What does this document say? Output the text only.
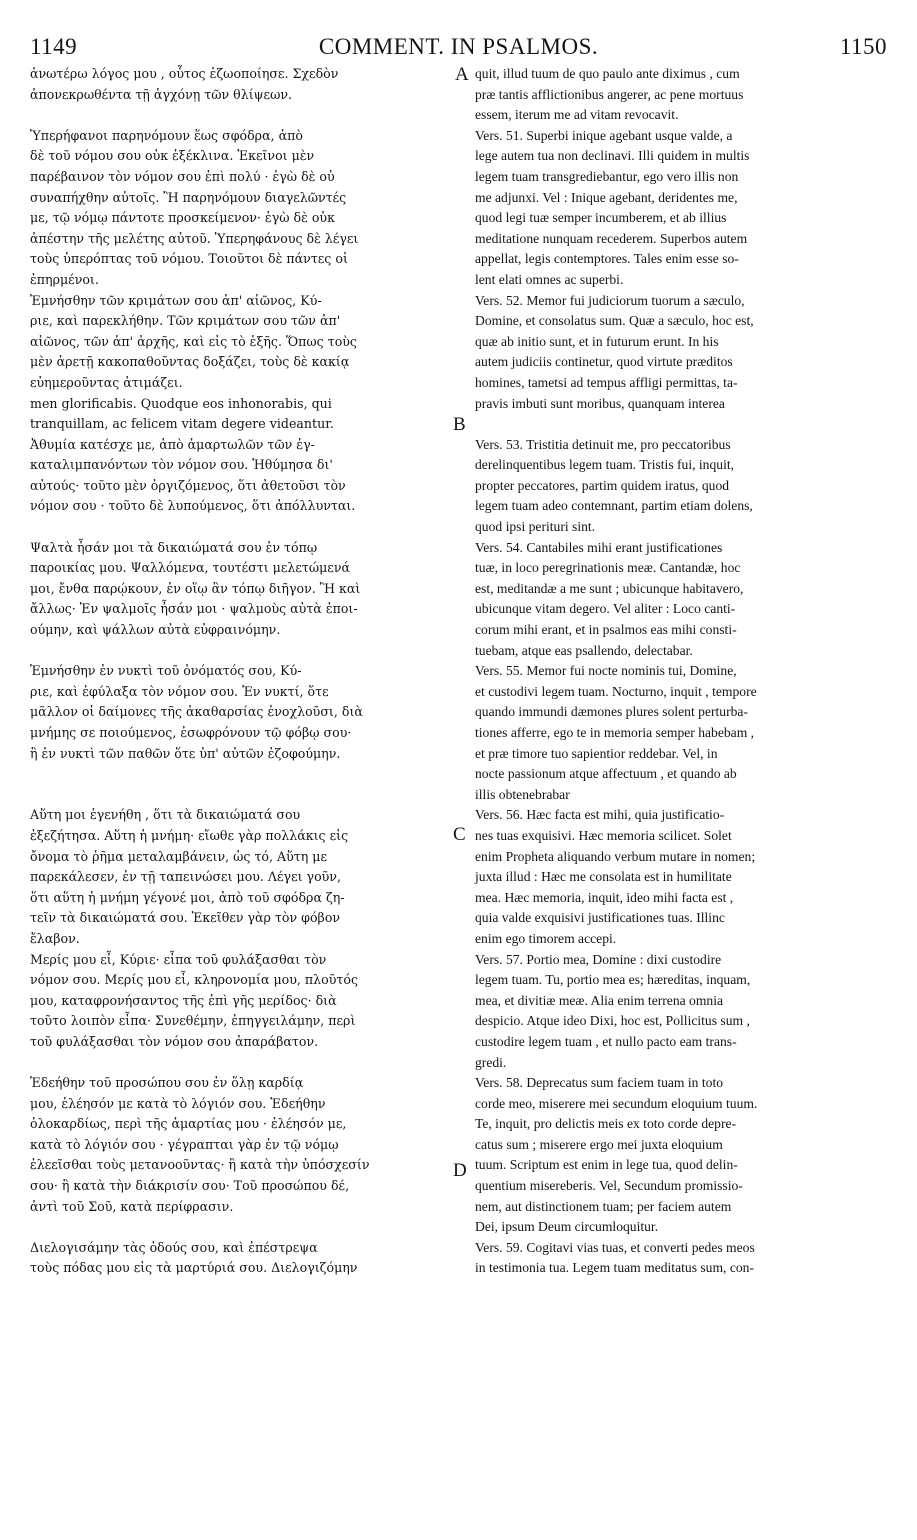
1149	COMMENT. IN PSALMOS.	1150
ἀνωτέρω λόγος μου , οὗτος ἐζωοποίησε. Σχεδὸν
ἀπονεκρωθέντα τῇ ἀγχόνῃ τῶν θλίψεων.
Ὑπερήφανοι παρηνόμουν ἕως σφόδρα, ἀπὸ
δὲ τοῦ νόμου σου οὐκ ἐξέκλινα. Ἐκεῖνοι μὲν
παρέβαινον τὸν νόμον σου ἐπὶ πολύ · ἐγὼ δὲ οὐ
συναπήχθην αὐτοῖς. Ἢ παρηνόμουν διαγελῶντές
με, τῷ νόμῳ πάντοτε προσκείμενον· ἐγὼ δὲ οὐκ
ἀπέστην τῆς μελέτης αὐτοῦ. Ὑπερηφάνους δὲ λέγει
τοὺς ὑπερόπτας τοῦ νόμου. Τοιοῦτοι δὲ πάντες οἱ
ἐπηρμένοι.
Ἐμνήσθην τῶν κριμάτων σου ἀπ' αἰῶνος, Κύ-
ριε, καὶ παρεκλήθην. Τῶν κριμάτων σου τῶν ἀπ'
αἰῶνος, τῶν ἀπ' ἀρχῆς, καὶ εἰς τὸ ἑξῆς. Ὅπως τοὺς
μὲν ἀρετῇ κακοπαθοῦντας δοξάζει, τοὺς δὲ κακίᾳ
εὐημεροῦντας ἀτιμάζει.
men glorificabis. Quodque eos inhonorabis, qui
tranquillam, ac felicem vitam degere videantur.
Ἀθυμία κατέσχε με, ἀπὸ ἁμαρτωλῶν τῶν ἐγ-
καταλιμπανόντων τὸν νόμον σου. Ἠθύμησα δι'
αὐτούς· τοῦτο μὲν ὀργιζόμενος, ὅτι ἀθετοῦσι τὸν
νόμον σου · τοῦτο δὲ λυπούμενος, ὅτι ἀπόλλυνται.
Ψαλτὰ ἦσάν μοι τὰ δικαιώματά σου ἐν τόπῳ
παροικίας μου. Ψαλλόμενα, τουτέστι μελετώμενά
μοι, ἔνθα παρῴκουν, ἐν οἵῳ ἂν τόπῳ διῆγον. Ἢ καὶ
ἄλλως· Ἐν ψαλμοῖς ἦσάν μοι · ψαλμοὺς αὐτὰ ἐποι-
ούμην, καὶ ψάλλων αὐτὰ εὐφραινόμην.
Ἐμνήσθην ἐν νυκτὶ τοῦ ὀνόματός σου, Κύ-
ριε, καὶ ἐφύλαξα τὸν νόμον σου. Ἐν νυκτί, ὅτε
μᾶλλον οἱ δαίμονες τῆς ἀκαθαρσίας ἐνοχλοῦσι, διὰ
μνήμης σε ποιούμενος, ἐσωφρόνουν τῷ φόβῳ σου·
ἢ ἐν νυκτὶ τῶν παθῶν ὅτε ὑπ' αὐτῶν ἐζοφούμην.
Αὕτη μοι ἐγενήθη , ὅτι τὰ δικαιώματά σου
ἐξεζήτησα. Αὕτη ἡ μνήμη· εἴωθε γὰρ πολλάκις εἰς
ὄνομα τὸ ῥῆμα μεταλαμβάνειν, ὡς τό, Αὕτη με
παρεκάλεσεν, ἐν τῇ ταπεινώσει μου. Λέγει γοῦν,
ὅτι αὕτη ἡ μνήμη γέγονέ μοι, ἀπὸ τοῦ σφόδρα ζη-
τεῖν τὰ δικαιώματά σου. Ἐκεῖθεν γὰρ τὸν φόβον
ἔλαβον.
Μερίς μου εἶ, Κύριε· εἶπα τοῦ φυλάξασθαι τὸν
νόμον σου. Μερίς μου εἶ, κληρονομία μου, πλοῦτός
μου, καταφρονήσαντος τῆς ἐπὶ γῆς μερίδος· διὰ
τοῦτο λοιπὸν εἶπα· Συνεθέμην, ἐπηγγειλάμην, περὶ
τοῦ φυλάξασθαι τὸν νόμον σου ἀπαράβατον.
Ἐδεήθην τοῦ προσώπου σου ἐν ὅλῃ καρδίᾳ
μου, ἐλέησόν με κατὰ τὸ λόγιόν σου. Ἐδεήθην
ὁλοκαρδίως, περὶ τῆς ἁμαρτίας μου · ἐλέησόν με,
κατὰ τὸ λόγιόν σου · γέγραπται γὰρ ἐν τῷ νόμῳ
ἐλεεῖσθαι τοὺς μετανοοῦντας· ἢ κατὰ τὴν ὑπόσχεσίν
σου· ἢ κατὰ τὴν διάκρισίν σου· Τοῦ προσώπου δέ,
ἀντὶ τοῦ Σοῦ, κατὰ περίφρασιν.
Διελογισάμην τὰς ὁδούς σου, καὶ ἐπέστρεψα
τοὺς πόδας μου εἰς τὰ μαρτύριά σου. Διελογιζόμην
quit, illud tuum de quo paulo ante diximus , cum
præ tantis afflictionibus angerer, ac pene mortuus
essem, iterum me ad vitam revocavit.
Vers. 51. Superbi inique agebant usque valde, a
lege autem tua non declinavi. Illi quidem in multis
legem tuam transgrediebantur, ego vero illis non
me adjunxi. Vel : Inique agebant, deridentes me,
quod legi tuæ semper incumberem, et ab illius
meditatione nunquam recederem. Superbos autem
appellat, legis contemptores. Tales enim esse so-
lent elati omnes ac superbi.
Vers. 52. Memor fui judiciorum tuorum a sæculo,
Domine, et consolatus sum. Quæ a sæculo, hoc est,
quæ ab initio sunt, et in futurum erunt. In his
autem judiciis continetur, quod virtute præditos
homines, tametsi ad tempus affligi permittas, ta-
pravis imbuti sunt moribus, quanquam interea
Vers. 53. Tristitia detinuit me, pro peccatoribus
derelinquentibus legem tuam. Tristis fui, inquit,
propter peccatores, partim quidem iratus, quod
legem tuam adeo contemnant, partim etiam dolens,
quod ipsi perituri sint.
Vers. 54. Cantabiles mihi erant justificationes
tuæ, in loco peregrinationis meæ. Cantandæ, hoc
est, meditandæ a me sunt ; ubicunque habitavero,
ubicunque vitam degero. Vel aliter : Loco canti-
corum mihi erant, et in psalmos eas mihi consti-
tuebam, atque eas psallendo, delectabar.
Vers. 55. Memor fui nocte nominis tui, Domine,
et custodivi legem tuam. Nocturno, inquit , tempore
quando immundi dæmones plures solent perturba-
tiones afferre, ego te in memoria semper habebam ,
et præ timore tuo sapientior reddebar. Vel, in
nocte passionum atque affectuum , et quando ab
illis obtenebrabar
Vers. 56. Hæc facta est mihi, quia justificatio-
nes tuas exquisivi. Hæc memoria scilicet. Solet
enim Propheta aliquando verbum mutare in nomen;
juxta illud : Hæc me consolata est in humilitate
mea. Hæc memoria, inquit, ideo mihi facta est ,
quia valde exquisivi justificationes tuas. Illinc
enim ego timorem accepi.
Vers. 57. Portio mea, Domine : dixi custodire
legem tuam. Tu, portio mea es; hæreditas, inquam,
mea, et divitiæ meæ. Alia enim terrena omnia
despicio. Atque ideo Dixi, hoc est, Pollicitus sum ,
custodire legem tuam , et nullo pacto eam trans-
gredi.
Vers. 58. Deprecatus sum faciem tuam in toto
corde meo, miserere mei secundum eloquium tuum.
Te, inquit, pro delictis meis ex toto corde depre-
catus sum ; miserere ergo mei juxta eloquium
tuum. Scriptum est enim in lege tua, quod delin-
quentium misereberis. Vel, Secundum promissio-
nem, aut distinctionem tuam; per faciem autem
Dei, ipsum Deum circumloquitur.
Vers. 59. Cogitavi vias tuas, et converti pedes meos
in testimonia tua. Legem tuam meditatus sum, con-
A
B
C
D
